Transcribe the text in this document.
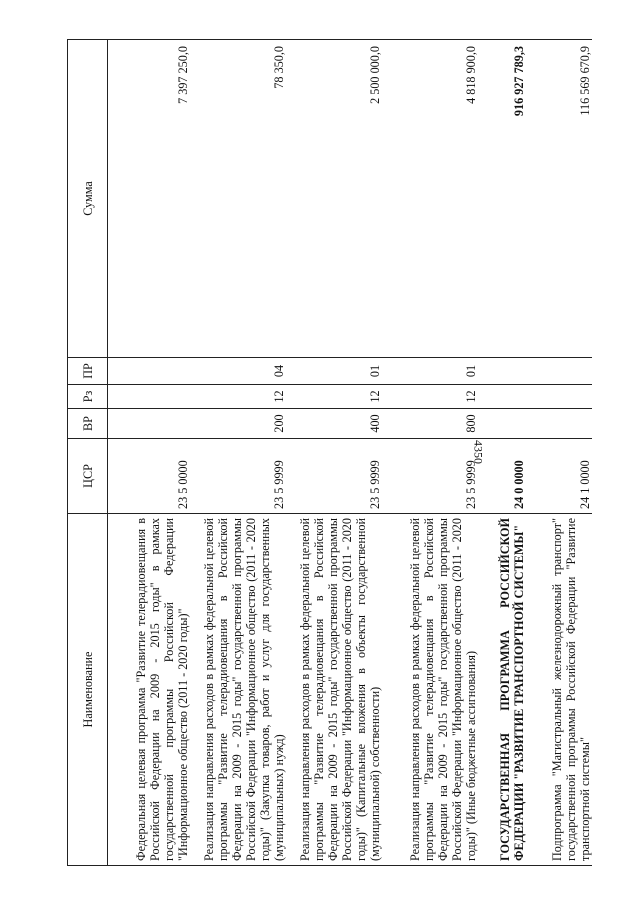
4350
Наименование	ЦСР	ВР	Рз	ПР	Сумма
Федеральная целевая программа "Развитие телерадиовещания в Российской Федерации на 2009 - 2015 годы" в рамках государственной программы Российской Федерации "Информационное общество (2011 - 2020 годы)"	23 5 0000				7 397 250,0
Реализация направления расходов в рамках федеральной целевой программы "Развитие телерадиовещания в Российской Федерации на 2009 - 2015 годы" государственной программы Российской Федерации "Информационное общество (2011 - 2020 годы)" (Закупка товаров, работ и услуг для государственных (муниципальных) нужд)	23 5 9999	200	12	04	78 350,0
Реализация направления расходов в рамках федеральной целевой программы "Развитие телерадиовещания в Российской Федерации на 2009 - 2015 годы" государственной программы Российской Федерации "Информационное общество (2011 - 2020 годы)" (Капитальные вложения в объекты государственной (муниципальной) собственности)	23 5 9999	400	12	01	2 500 000,0
Реализация направления расходов в рамках федеральной целевой программы "Развитие телерадиовещания в Российской Федерации на 2009 - 2015 годы" государственной программы Российской Федерации "Информационное общество (2011 - 2020 годы)" (Иные бюджетные ассигнования)	23 5 9999	800	12	01	4 818 900,0
ГОСУДАРСТВЕННАЯ ПРОГРАММА РОССИЙСКОЙ ФЕДЕРАЦИИ "РАЗВИТИЕ ТРАНСПОРТНОЙ СИСТЕМЫ"	24 0 0000				916 927 789,3
Подпрограмма "Магистральный железнодорожный транспорт" государственной программы Российской Федерации "Развитие транспортной системы"	24 1 0000				116 569 670,9
